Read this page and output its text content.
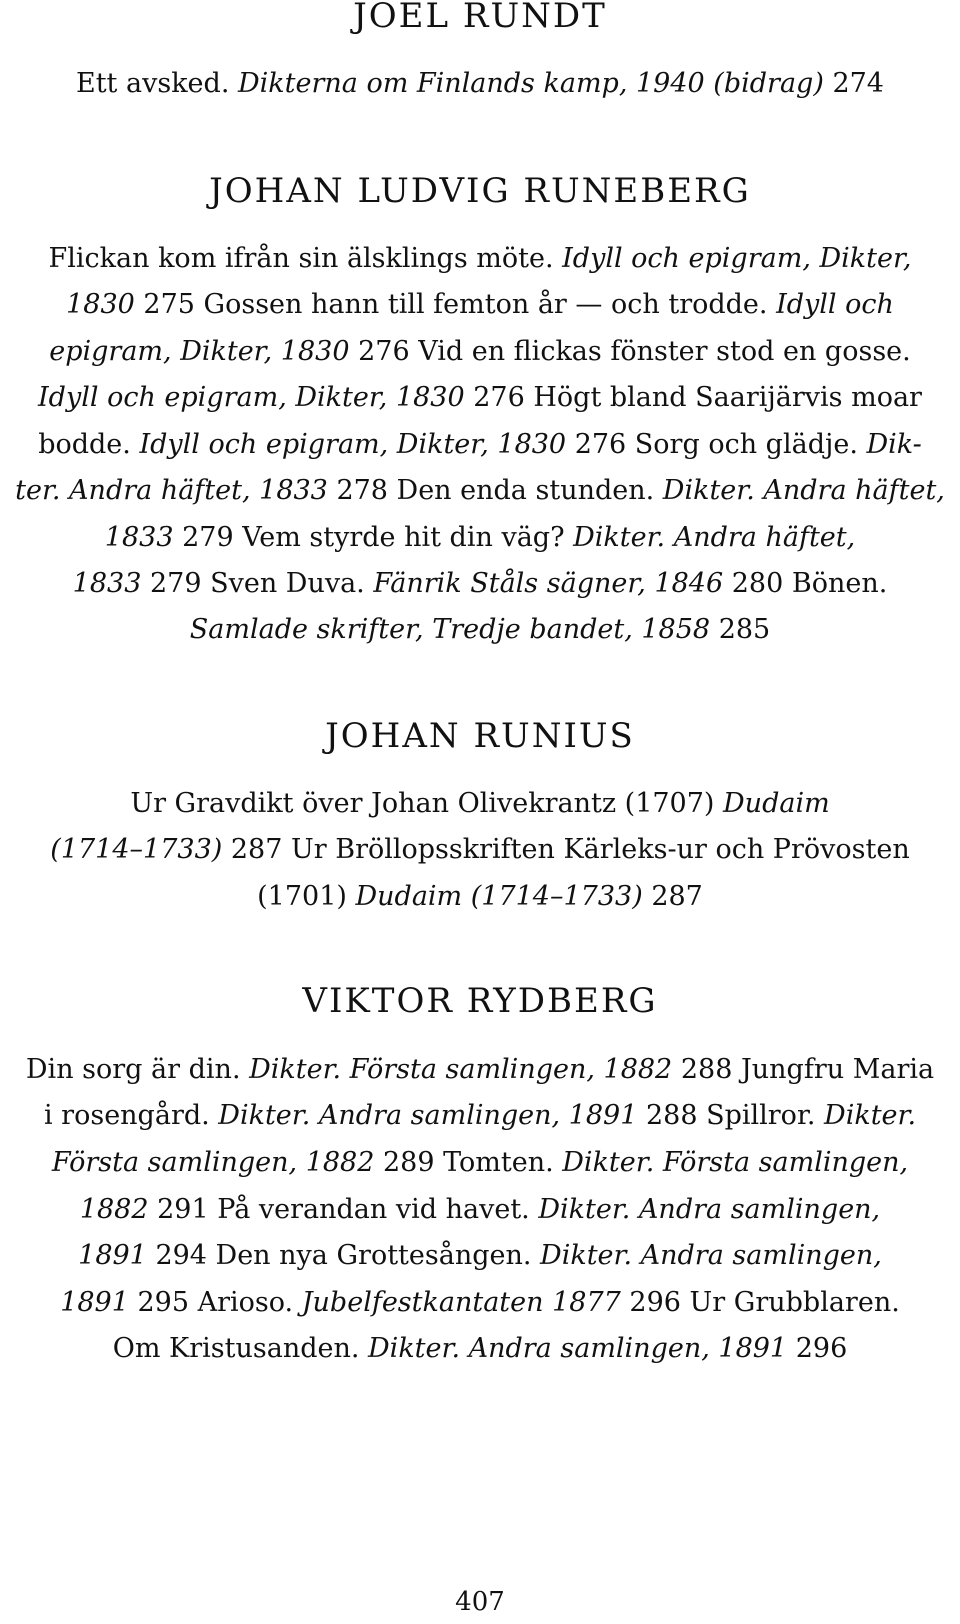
JOEL RUNDT

Ett avsked. Dikterna om Finlands kamp, 1940 (bidrag) 274

JOHAN LUDVIG RUNEBERG

Flickan kom ifrån sin älsklings möte. Idyll och epigram, Dikter,

1830 275 Gossen hann till femton år — och trodde. Idyll och

epigram, Dikter, 1830 276 Vid en flickas fönster stod en gosse.

Idyll och epigram, Dikter, 1830 276 Högt bland Saarijärvis moar

bodde. Idyll och epigram, Dikter, 1830 276 Sorg och glädje. Dik-

ter. Andra häftet, 1833 278 Den enda stunden. Dikter. Andra häftet,

1833 279 Vem styrde hit din väg? Dikter. Andra häftet,

1833 279 Sven Duva. Fänrik Ståls sägner, 1846 280 Bönen.

Samlade skrifter, Tredje bandet, 1858 285

JOHAN RUNIUS

Ur Gravdikt över Johan Olivekrantz (1707) Dudaim

(1714–1733) 287 Ur Bröllopsskriften Kärleks-ur och Prövosten

(1701) Dudaim (1714–1733) 287

VIKTOR RYDBERG

Din sorg är din. Dikter. Första samlingen, 1882 288 Jungfru Maria

i rosengård. Dikter. Andra samlingen, 1891 288 Spillror. Dikter.

Första samlingen, 1882 289 Tomten. Dikter. Första samlingen,

1882 291 På verandan vid havet. Dikter. Andra samlingen,

1891 294 Den nya Grottesången. Dikter. Andra samlingen,

1891 295 Arioso. Jubelfestkantaten 1877 296 Ur Grubblaren.

Om Kristusanden. Dikter. Andra samlingen, 1891 296

407
